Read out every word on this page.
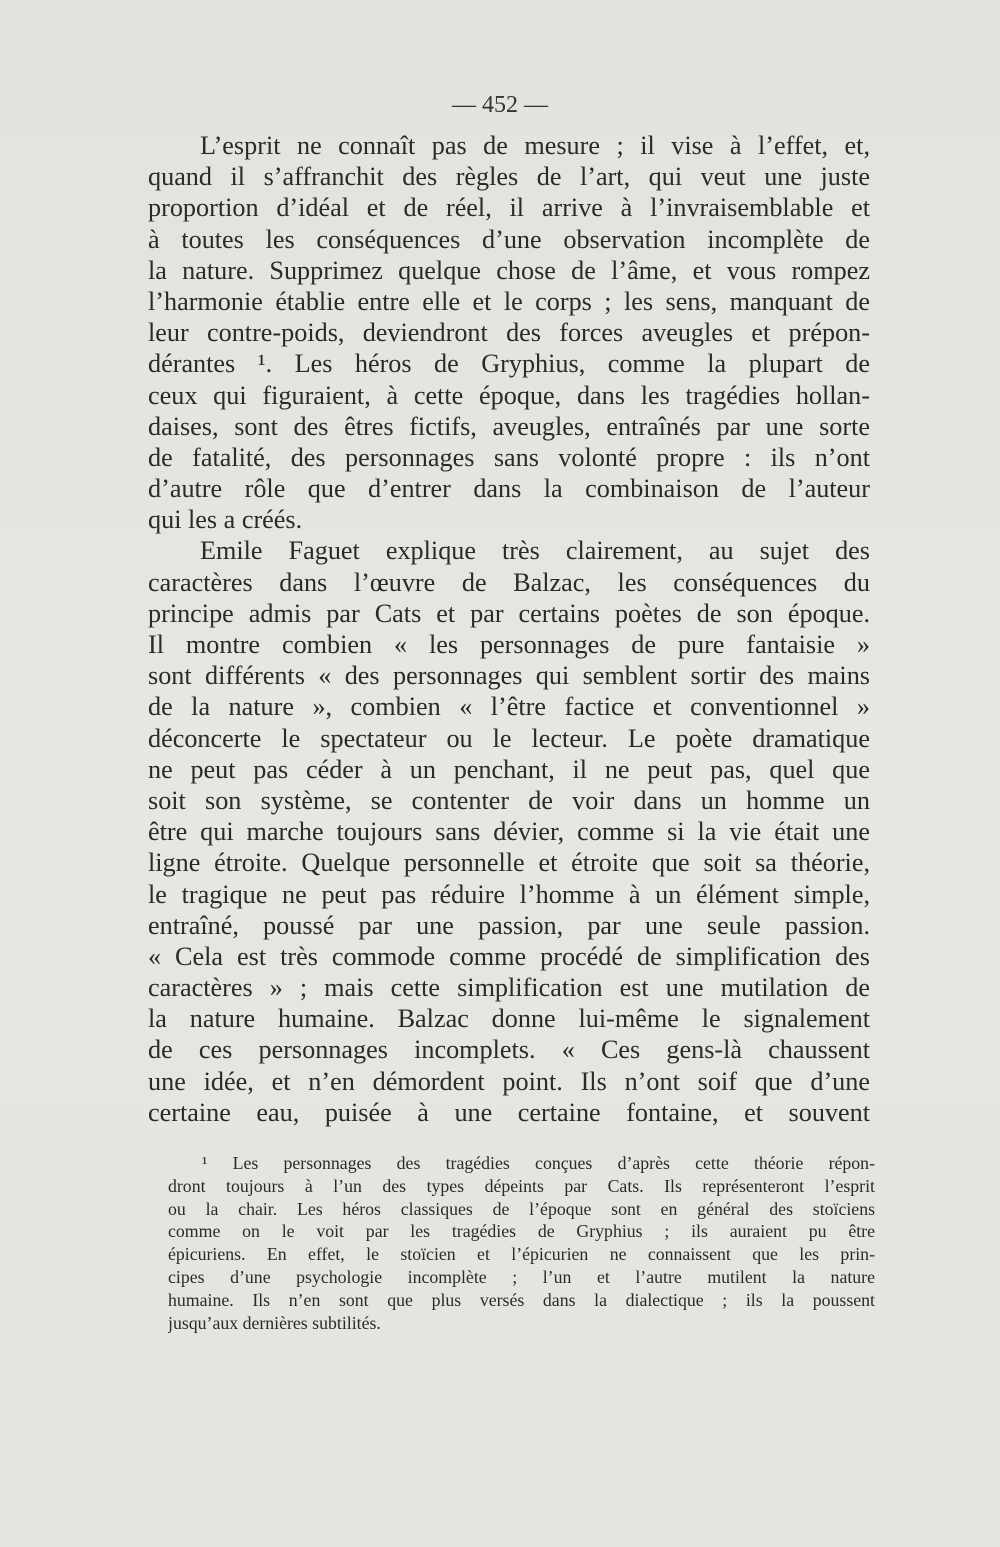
— 452 —
L’esprit ne connaît pas de mesure ; il vise à l’effet, et,
quand il s’affranchit des règles de l’art, qui veut une juste
proportion d’idéal et de réel, il arrive à l’invraisemblable et
à toutes les conséquences d’une observation incomplète de
la nature. Supprimez quelque chose de l’âme, et vous rompez
l’harmonie établie entre elle et le corps ; les sens, manquant de
leur contre-poids, deviendront des forces aveugles et prépon-
dérantes ¹. Les héros de Gryphius, comme la plupart de
ceux qui figuraient, à cette époque, dans les tragédies hollan-
daises, sont des êtres fictifs, aveugles, entraînés par une sorte
de fatalité, des personnages sans volonté propre : ils n’ont
d’autre rôle que d’entrer dans la combinaison de l’auteur
qui les a créés.
Emile Faguet explique très clairement, au sujet des
caractères dans l’œuvre de Balzac, les conséquences du
principe admis par Cats et par certains poètes de son époque.
Il montre combien « les personnages de pure fantaisie »
sont différents « des personnages qui semblent sortir des mains
de la nature », combien « l’être factice et conventionnel »
déconcerte le spectateur ou le lecteur. Le poète dramatique
ne peut pas céder à un penchant, il ne peut pas, quel que
soit son système, se contenter de voir dans un homme un
être qui marche toujours sans dévier, comme si la vie était une
ligne étroite. Quelque personnelle et étroite que soit sa théorie,
le tragique ne peut pas réduire l’homme à un élément simple,
entraîné, poussé par une passion, par une seule passion.
« Cela est très commode comme procédé de simplification des
caractères » ; mais cette simplification est une mutilation de
la nature humaine. Balzac donne lui-même le signalement
de ces personnages incomplets. « Ces gens-là chaussent
une idée, et n’en démordent point. Ils n’ont soif que d’une
certaine eau, puisée à une certaine fontaine, et souvent
¹ Les personnages des tragédies conçues d’après cette théorie répon-
dront toujours à l’un des types dépeints par Cats. Ils représenteront l’esprit
ou la chair. Les héros classiques de l’époque sont en général des stoïciens
comme on le voit par les tragédies de Gryphius ; ils auraient pu être
épicuriens. En effet, le stoïcien et l’épicurien ne connaissent que les prin-
cipes d’une psychologie incomplète ; l’un et l’autre mutilent la nature
humaine. Ils n’en sont que plus versés dans la dialectique ; ils la poussent
jusqu’aux dernières subtilités.
